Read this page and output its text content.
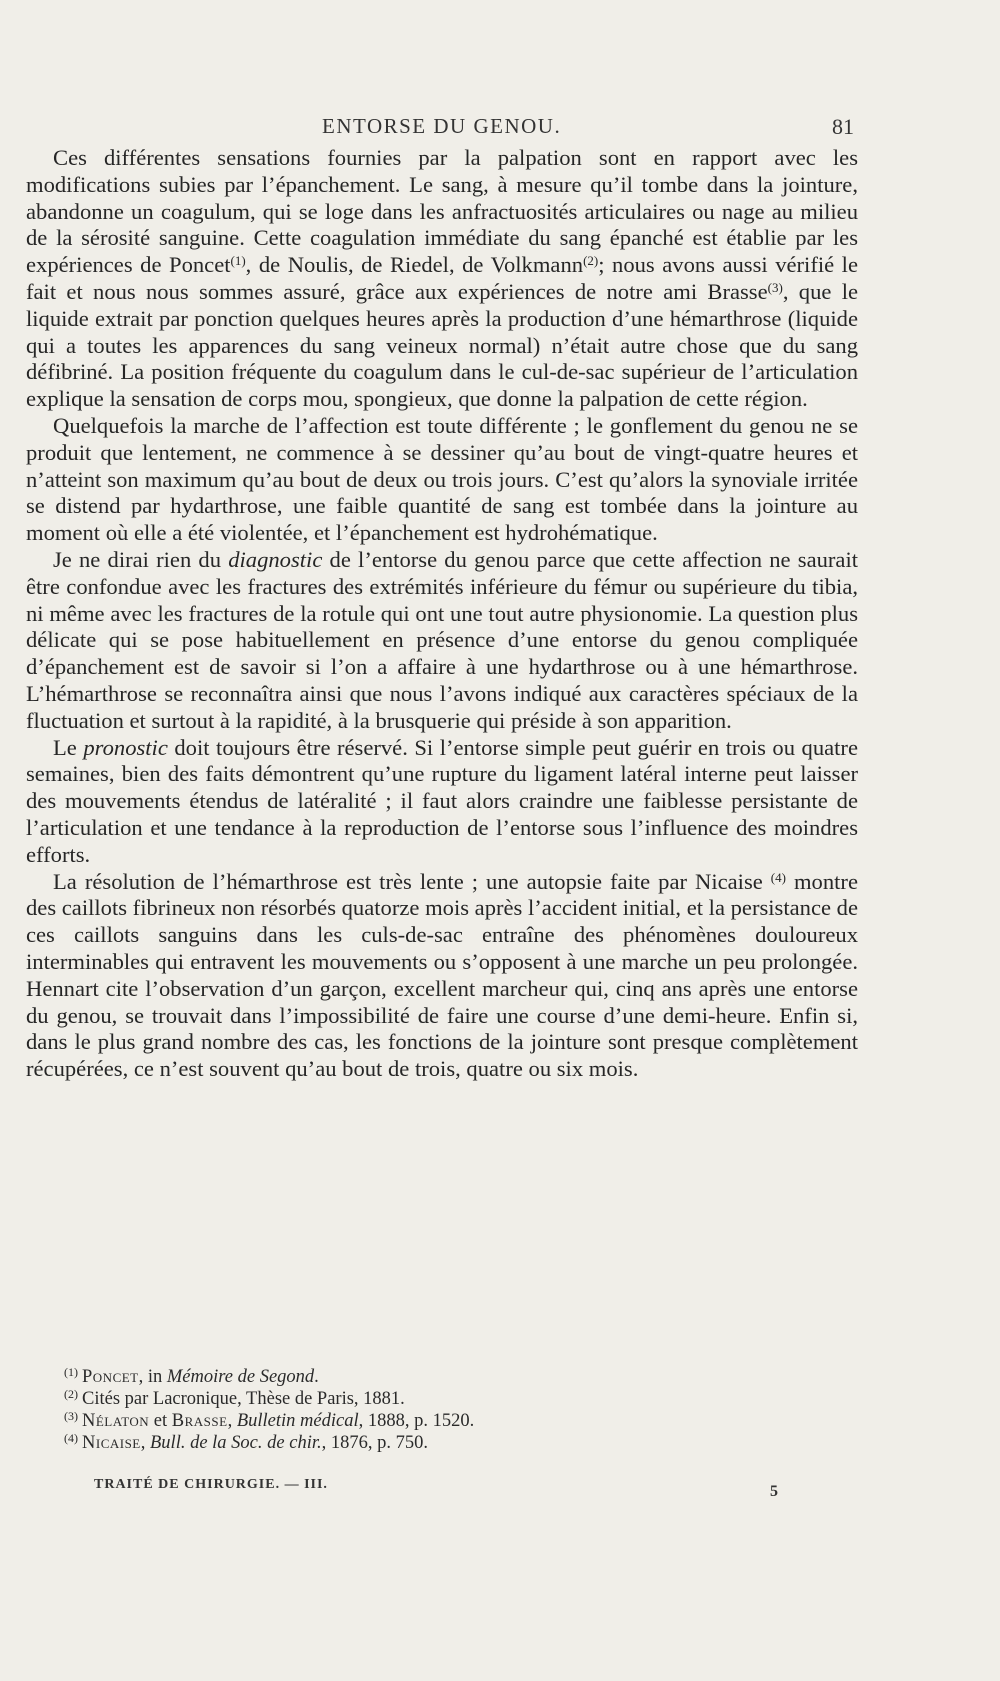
ENTORSE DU GENOU.	81

Ces différentes sensations fournies par la palpation sont en rapport avec les modifications subies par l’épanchement. Le sang, à mesure qu’il tombe dans la jointure, abandonne un coagulum, qui se loge dans les anfractuosités articulaires ou nage au milieu de la sérosité sanguine. Cette coagulation immédiate du sang épanché est établie par les expériences de Poncet$^{(1)}$, de Noulis, de Riedel, de Volkmann$^{(2)}$; nous avons aussi vérifié le fait et nous nous sommes assuré, grâce aux expériences de notre ami Brasse$^{(3)}$, que le liquide extrait par ponction quelques heures après la production d’une hémarthrose (liquide qui a toutes les apparences du sang veineux normal) n’était autre chose que du sang défibriné. La position fréquente du coagulum dans le cul-de-sac supérieur de l’articulation explique la sensation de corps mou, spongieux, que donne la palpation de cette région.

Quelquefois la marche de l’affection est toute différente ; le gonflement du genou ne se produit que lentement, ne commence à se dessiner qu’au bout de vingt-quatre heures et n’atteint son maximum qu’au bout de deux ou trois jours. C’est qu’alors la synoviale irritée se distend par hydarthrose, une faible quantité de sang est tombée dans la jointure au moment où elle a été violentée, et l’épanchement est hydrohématique.

Je ne dirai rien du diagnostic de l’entorse du genou parce que cette affection ne saurait être confondue avec les fractures des extrémités inférieure du fémur ou supérieure du tibia, ni même avec les fractures de la rotule qui ont une tout autre physionomie. La question plus délicate qui se pose habituellement en présence d’une entorse du genou compliquée d’épanchement est de savoir si l’on a affaire à une hydarthrose ou à une hémarthrose. L’hémarthrose se reconnaîtra ainsi que nous l’avons indiqué aux caractères spéciaux de la fluctuation et surtout à la rapidité, à la brusquerie qui préside à son apparition.

Le pronostic doit toujours être réservé. Si l’entorse simple peut guérir en trois ou quatre semaines, bien des faits démontrent qu’une rupture du ligament latéral interne peut laisser des mouvements étendus de latéralité ; il faut alors craindre une faiblesse persistante de l’articulation et une tendance à la reproduction de l’entorse sous l’influence des moindres efforts.

La résolution de l’hémarthrose est très lente ; une autopsie faite par Nicaise $^{(4)}$ montre des caillots fibrineux non résorbés quatorze mois après l’accident initial, et la persistance de ces caillots sanguins dans les culs-de-sac entraîne des phénomènes douloureux interminables qui entravent les mouvements ou s’opposent à une marche un peu prolongée. Hennart cite l’observation d’un garçon, excellent marcheur qui, cinq ans après une entorse du genou, se trouvait dans l’impossibilité de faire une course d’une demi-heure. Enfin si, dans le plus grand nombre des cas, les fonctions de la jointure sont presque complètement récupérées, ce n’est souvent qu’au bout de trois, quatre ou six mois.

$^{(1)}$ Poncet, in Mémoire de Segond.
$^{(2)}$ Cités par Lacronique, Thèse de Paris, 1881.
$^{(3)}$ Nélaton et Brasse, Bulletin médical, 1888, p. 1520.
$^{(4)}$ Nicaise, Bull. de la Soc. de chir., 1876, p. 750.
TRAITÉ DE CHIRURGIE. — III.	5
